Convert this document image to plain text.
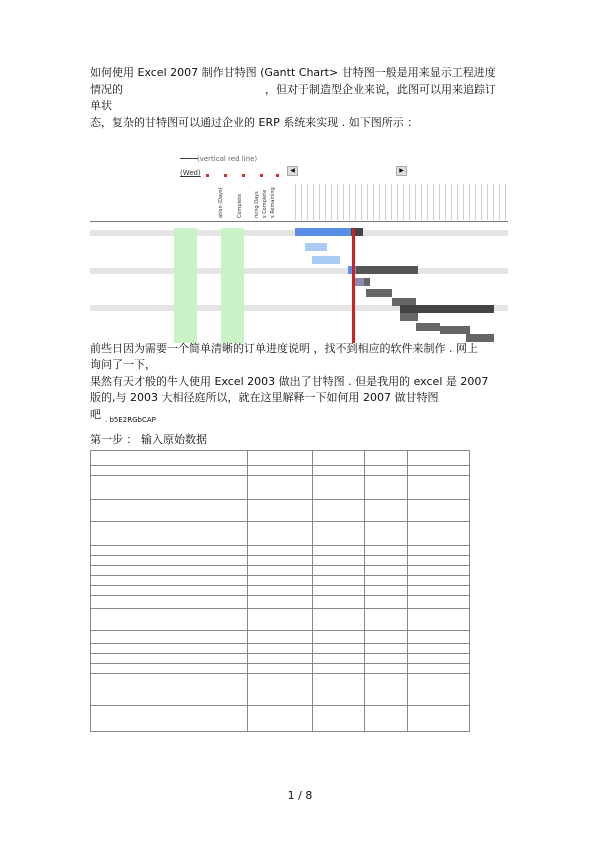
如何使用 Excel 2007 制作甘特图 (Gantt Chart> 甘特图一般是用来显示工程进度
情况的	，但对于制造型企业来说，此图可以用来追踪订
单状
态，复杂的甘特图可以通过企业的 ERP 系统来实现 . 如下图所示 ：
(vertical red line)
(Wed)
ation (Days)	Complete rking Days s Complete s Remaining
◀	▶
前些日因为需要一个简单清晰的订单进度说明 ，找不到相应的软件来制作 . 网上
询问了一下，
果然有天才般的牛人使用 Excel 2003 做出了甘特图 . 但是我用的 excel 是 2007
版的,与 2003 大相径庭所以，就在这里解释一下如何用 2007 做甘特图
吧 . b5E2RGbCAP
第一步 ： 输入原始数据

1 / 8
